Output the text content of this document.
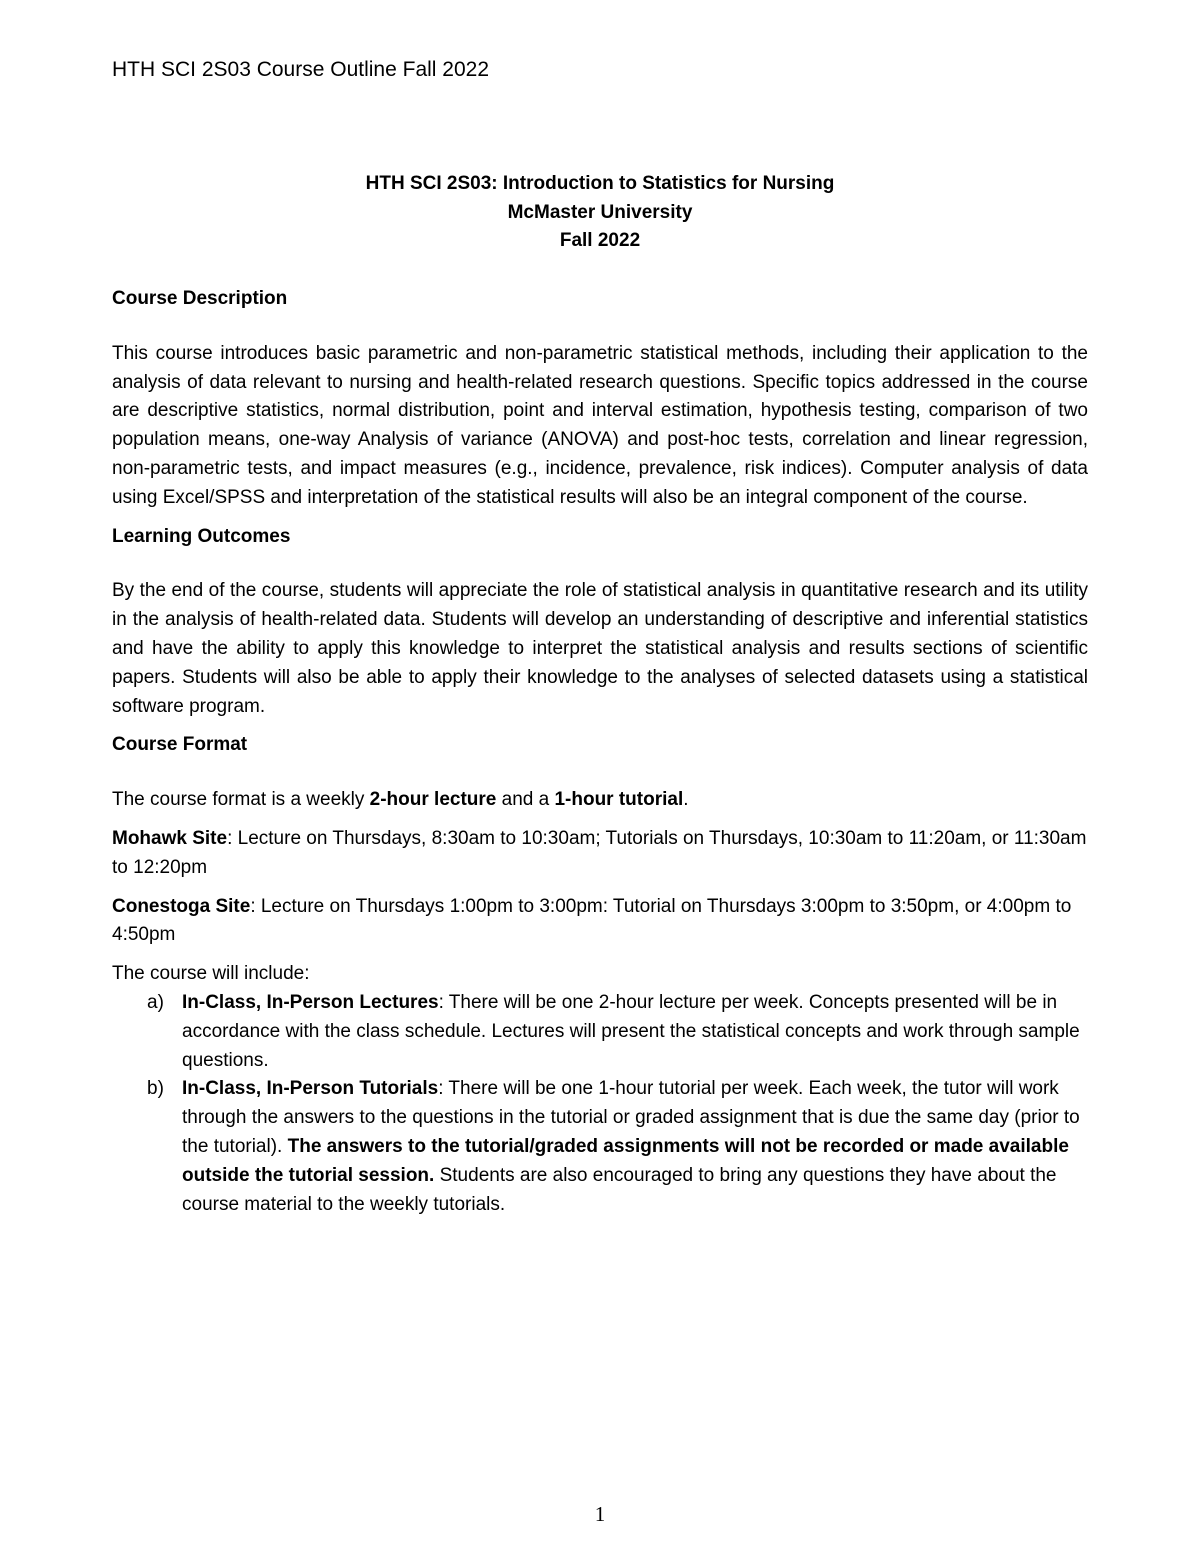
HTH SCI 2S03 Course Outline Fall 2022
HTH SCI 2S03: Introduction to Statistics for Nursing
McMaster University
Fall 2022

Course Description

This course introduces basic parametric and non-parametric statistical methods, including their application to the analysis of data relevant to nursing and health-related research questions. Specific topics addressed in the course are descriptive statistics, normal distribution, point and interval estimation, hypothesis testing, comparison of two population means, one-way Analysis of variance (ANOVA) and post-hoc tests, correlation and linear regression, non-parametric tests, and impact measures (e.g., incidence, prevalence, risk indices). Computer analysis of data using Excel/SPSS and interpretation of the statistical results will also be an integral component of the course.

Learning Outcomes

By the end of the course, students will appreciate the role of statistical analysis in quantitative research and its utility in the analysis of health-related data. Students will develop an understanding of descriptive and inferential statistics and have the ability to apply this knowledge to interpret the statistical analysis and results sections of scientific papers. Students will also be able to apply their knowledge to the analyses of selected datasets using a statistical software program.

Course Format

The course format is a weekly 2-hour lecture and a 1-hour tutorial.

Mohawk Site: Lecture on Thursdays, 8:30am to 10:30am; Tutorials on Thursdays, 10:30am to 11:20am, or 11:30am to 12:20pm

Conestoga Site: Lecture on Thursdays 1:00pm to 3:00pm: Tutorial on Thursdays 3:00pm to 3:50pm, or 4:00pm to 4:50pm

The course will include:

a) In-Class, In-Person Lectures: There will be one 2-hour lecture per week. Concepts presented will be in accordance with the class schedule. Lectures will present the statistical concepts and work through sample questions.
b) In-Class, In-Person Tutorials: There will be one 1-hour tutorial per week. Each week, the tutor will work through the answers to the questions in the tutorial or graded assignment that is due the same day (prior to the tutorial). The answers to the tutorial/graded assignments will not be recorded or made available outside the tutorial session. Students are also encouraged to bring any questions they have about the course material to the weekly tutorials.
1
